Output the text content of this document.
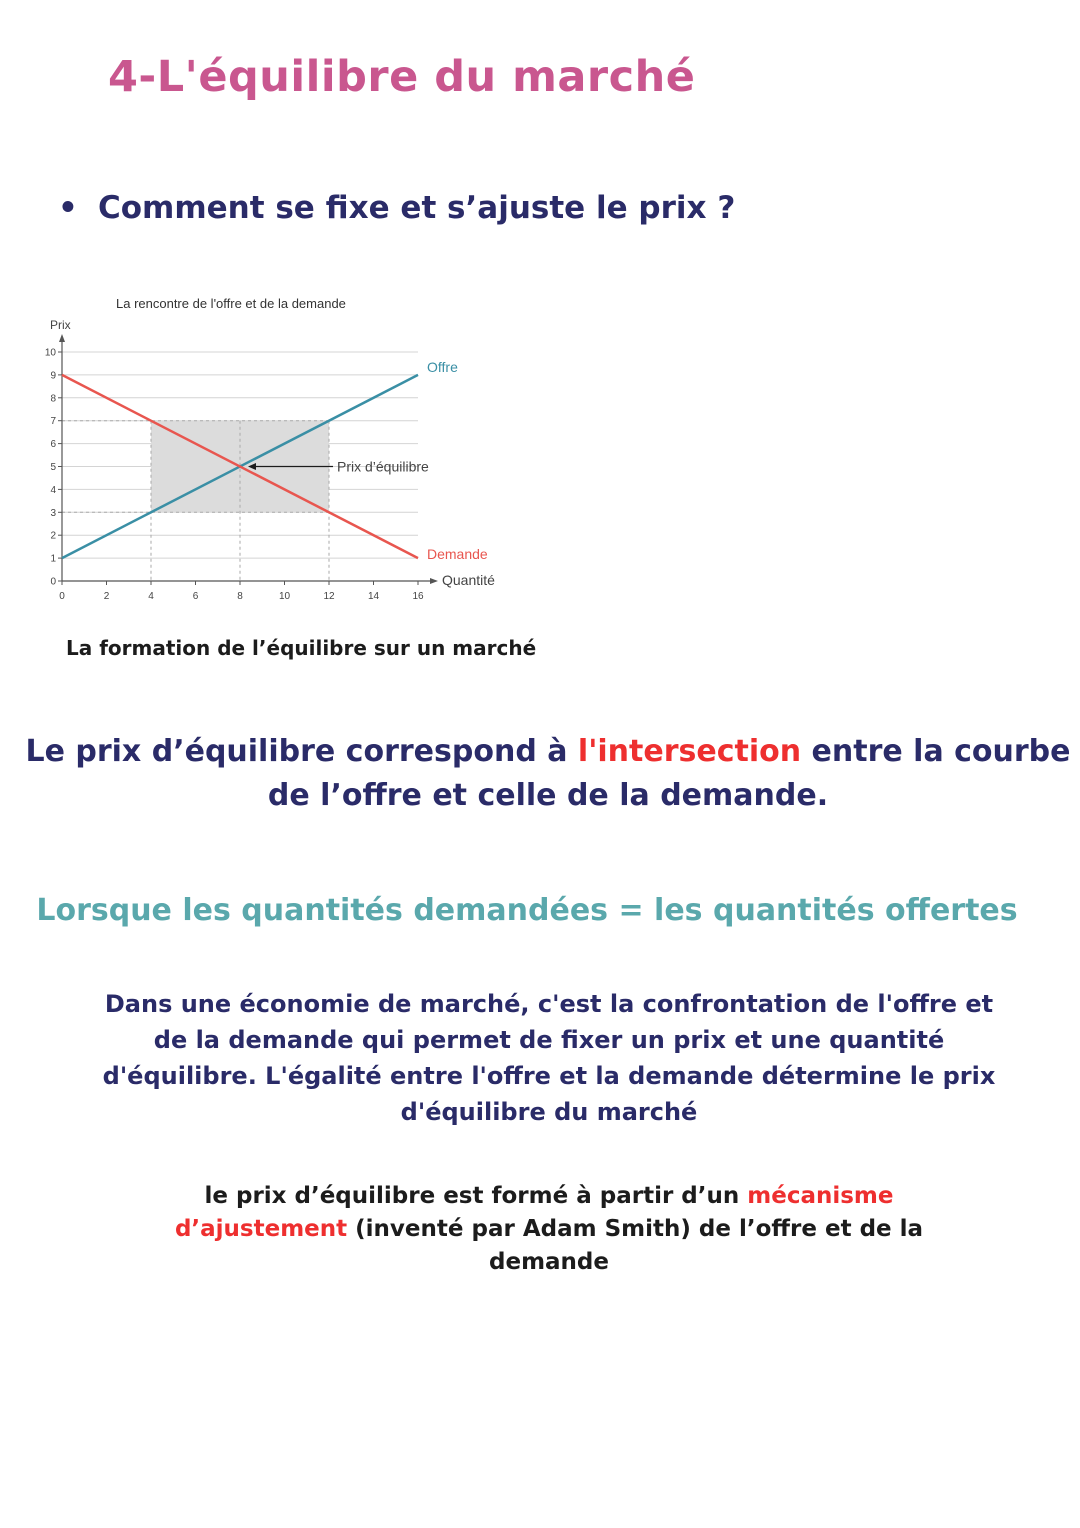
4-L'équilibre du marché

• Comment se fixe et s’ajuste le prix ?

0
1
2
3
4
5
6
7
8
9
10
0	2	4	6	8	10	12	14	16
La rencontre de l'offre et de la demande
Prix
Quantité
Offre
Demande
Prix d’équilibre

La formation de l’équilibre sur un marché

Le prix d’équilibre correspond à l'intersection entre la courbe de l’offre et celle de la demande.

Lorsque les quantités demandées = les quantités offertes

Dans une économie de marché, c'est la confrontation de l'offre et de la demande qui permet de fixer un prix et une quantité d'équilibre. L'égalité entre l'offre et la demande détermine le prix d'équilibre du marché

le prix d’équilibre est formé à partir d’un mécanisme d’ajustement (inventé par Adam Smith) de l’offre et de la demande
